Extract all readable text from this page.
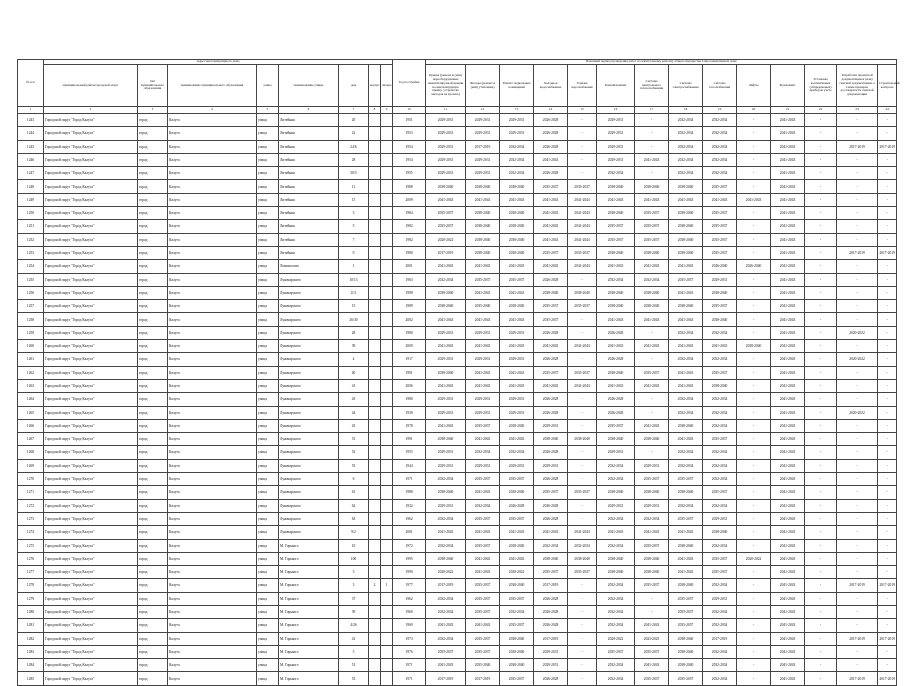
№ п/п	Адрес многоквартирного дома								Год постройки	Плановый период проведения работ по капитальному ремонту общего имущества в многоквартирном доме													
	муниципальный район/городской округ	тип муниципального образования	наименование муниципального образования	улица	наименование улицы	дом	корпус	литера		Крыша (ремонт и (или) переоборудование невентилируемой крыши на вентилируемую крышу, устройство выходов на кровлю)	Фасады (ремонт и (или) утепление)	Ремонт подвальных помещений	Холодное водоснабжение	Горячее водоснабжение	Канализование	Система центрального теплоснабжения	Система электроснабжения	Система газоснабжения	Лифты	Фундамент	Установка коллективных (общедомовых) приборов учета	Разработка проектной документации и (или) сметной документации, а также проверка достоверности сметной документации	Строительный контроль

1	2	3	4	5	6	7	8	9	10	11	12	13	14	15	16	17	18	19	20	21	22	23	24
1243	Городской округ "Город Калуга"	город	Калуга	улица	Литейная	20			1951	2029-2031	2029-2031	2029-2031	2026-2028	-	2029-2031	-	2032-2034	2032-2034	-	2041-2043	-	-	-
1244	Городской округ "Город Калуга"	город	Калуга	улица	Литейная	22			1953	2029-2031	2029-2031	2029-2031	2026-2028	-	2029-2031	-	2032-2034	2032-2034	-	2041-2043	-	-	-
1245	Городской округ "Город Калуга"	город	Калуга	улица	Литейная	24/6			1954	2029-2031	2017-2019	2032-2034	2026-2028	-	2029-2031	-	2032-2034	2032-2034	-	2041-2043	-	2017-2019	2017-2019
1246	Городской округ "Город Калуга"	город	Калуга	улица	Литейная	28			1954	2029-2031	2029-2031	2032-2034	2041-2043	-	2029-2031	2041-2043	2032-2034	2032-2034	-	2041-2043	-	-	-
1247	Городской округ "Город Калуга"	город	Калуга	улица	Литейная	30/5			1955	2029-2031	2029-2031	2032-2034	2026-2028	-	2032-2034	-	2032-2034	2032-2034	-	2041-2043	-	-	-
1248	Городской округ "Город Калуга"	город	Калуга	улица	Литейная	11			1988	2038-2040	2038-2040	2038-2040	2035-2037	2035-2037	2038-2040	2038-2040	2038-2040	2035-2037	-	2041-2043	-	-	-
1249	Городской округ "Город Калуга"	город	Калуга	улица	Литейная	15			2009	2041-2043	2041-2043	2041-2043	2041-2043	2041-2043	2041-2043	2041-2043	2041-2043	2041-2043	2041-2043	2041-2043	-	-	-
1250	Городской округ "Город Калуга"	город	Калуга	улица	Литейная	3			1984	2035-2037	2038-2040	2038-2040	2041-2043	2041-2043	2038-2040	2035-2037	2038-2040	2035-2037	-	2041-2043	-	-	-
1251	Городской округ "Город Калуга"	город	Калуга	улица	Литейная	5			1982	2035-2037	2038-2040	2038-2040	2041-2043	2041-2043	2035-2037	2035-2037	2038-2040	2035-2037	-	2041-2043	-	-	-
1252	Городской округ "Город Калуга"	город	Калуга	улица	Литейная	7			1982	2020-2022	2038-2040	2038-2040	2041-2043	2041-2043	2035-2037	2035-2037	2038-2040	2035-2037	-	2041-2043	-	-	-
1253	Городской округ "Город Калуга"	город	Калуга	улица	Литейная	9			1980	2017-2019	2038-2040	2038-2040	2035-2037	2035-2037	2038-2040	2038-2040	2038-2040	2035-2037	-	2041-2043	-	2017-2019	2017-2019
1254	Городской округ "Город Калуга"	город	Калуга	улица	Ломоносова	1			2001	2041-2043	2041-2043	2041-2043	2041-2043	2041-2043	2041-2043	2041-2043	2041-2043	2026-2040	2026-2040	2041-2043	-	-	-
1255	Городской округ "Город Калуга"	город	Калуга	улица	Луначарского	10/13			1963	2032-2034	2035-2037	2035-2037	2026-2028	-	2032-2034	2032-2034	2035-2037	2029-2031	-	2041-2043	-	-	-
1256	Городской округ "Город Калуга"	город	Калуга	улица	Луначарского	11/1			1998	2038-2040	2041-2043	2041-2043	2038-2040	2038-2040	2038-2040	2038-2040	2041-2043	2038-2040	-	2041-2043	-	-	-
1257	Городской округ "Город Калуга"	город	Калуга	улица	Луначарского	15			1989	2038-2040	2035-2040	2038-2040	2035-2037	2035-2037	2038-2040	2038-2040	2038-2040	2035-2037	-	2041-2043	-	-	-
1258	Городской округ "Город Калуга"	город	Калуга	улица	Луначарского	26/30			2002	2041-2043	2041-2043	2041-2043	2035-2037	-	2041-2043	2041-2043	2041-2043	2038-2040	-	2041-2043	-	-	-
1259	Городской округ "Город Калуга"	город	Калуга	улица	Луначарского	28			1980	2029-2031	2029-2031	2029-2031	2026-2028	-	2026-2028	-	2032-2034	2032-2034	-	2041-2043	-	2020-2022	-
1260	Городской округ "Город Калуга"	город	Калуга	улица	Луначарского	39			2000	2041-2043	2041-2043	2041-2043	2041-2043	2041-2043	2041-2043	2041-2043	2041-2043	2041-2043	2038-2040	2041-2043	-	-	-
1261	Городской округ "Город Калуга"	город	Калуга	улица	Луначарского	4			1917	2029-2031	2029-2031	2029-2031	2026-2028	-	2026-2028	-	2032-2034	2032-2034	-	2041-2043	-	2020-2022	-
1262	Городской округ "Город Калуга"	город	Калуга	улица	Луначарского	40			1991	2038-2040	2041-2043	2041-2043	2035-2037	2035-2037	2038-2040	2035-2037	2041-2043	2035-2037	-	2041-2043	-	-	-
1263	Городской округ "Город Калуга"	город	Калуга	улица	Луначарского	41			2006	2041-2043	2041-2043	2041-2043	2041-2043	2041-2043	2041-2043	2041-2043	2041-2043	2038-2040	-	2041-2043	-	-	-
1264	Городской округ "Город Калуга"	город	Калуга	улица	Луначарского	43			1980	2029-2031	2029-2031	2029-2031	2026-2028	-	2026-2028	-	2032-2034	2032-2034	-	2041-2043	-	-	-
1265	Городской округ "Город Калуга"	город	Калуга	улица	Луначарского	44			1930	2029-2031	2029-2031	2029-2031	2026-2028	-	2026-2028	-	2032-2034	2032-2034	-	2041-2043	-	2020-2022	-
1266	Городской округ "Город Калуга"	город	Калуга	улица	Луначарского	45			1978	2041-2043	2035-2037	2038-2040	2029-2031	-	2035-2037	2041-2043	2038-2040	2032-2034	-	2041-2043	-	-	-
1267	Городской округ "Город Калуга"	город	Калуга	улица	Луначарского	51			1991	2038-2040	2041-2043	2041-2043	2038-2040	2038-2040	2038-2040	2038-2040	2041-2043	2035-2037	-	2041-2043	-	-	-
1268	Городской округ "Город Калуга"	город	Калуга	улица	Луначарского	52			1955	2029-2031	2032-2034	2032-2034	2026-2028	-	2029-2031	-	2032-2034	2032-2034	-	2041-2043	-	-	-
1269	Городской округ "Город Калуга"	город	Калуга	улица	Луначарского	53			1944	2029-2031	2029-2031	2029-2031	2029-2031	-	2032-2034	2029-2031	2032-2034	2032-2034	-	2041-2043	-	-	-
1270	Городской округ "Город Калуга"	город	Калуга	улица	Луначарского	6			1971	2032-2034	2035-2037	2035-2037	2026-2028	-	2032-2034	2035-2037	2035-2037	2032-2034	-	2041-2043	-	-	-
1271	Городской округ "Город Калуга"	город	Калуга	улица	Луначарского	61			1988	2038-2040	2041-2043	2038-2040	2035-2037	2035-2037	2038-2040	2038-2040	2038-2040	2035-2037	-	2041-2043	-	-	-
1272	Городской округ "Город Калуга"	город	Калуга	улица	Луначарского	62			1932	2029-2031	2032-2034	2026-2028	2026-2028	-	2029-2031	2029-2031	2032-2034	2032-2034	-	2041-2043	-	-	-
1273	Городской округ "Город Калуга"	город	Калуга	улица	Луначарского	63			1962	2032-2034	2035-2037	2035-2037	2026-2028	-	2032-2034	2032-2034	2035-2037	2029-2031	-	2041-2043	-	-	-
1274	Городской округ "Город Калуга"	город	Калуга	улица	Луначарского	9/2			2001	2041-2043	2041-2043	2041-2043	2041-2043	2041-2043	2041-2043	2041-2043	2041-2043	2038-2040	-	2041-2043	-	-	-
1275	Городской округ "Город Калуга"	город	Калуга	улица	М. Горького	10			1972	2032-2034	2035-2037	2038-2040	2032-2034	2032-2034	2032-2034	2035-2037	2038-2040	2032-2034	-	2041-2043	-	-	-
1276	Городской округ "Город Калуга"	город	Калуга	улица	М. Горького	100			1995	2038-2040	2041-2043	2041-2043	2038-2040	2038-2040	2038-2040	2038-2040	2041-2043	2035-2037	2020-2022	2041-2043	-	-	-
1277	Городской округ "Город Калуга"	город	Калуга	улица	М. Горького	3			1990	2020-2022	2041-2043	2038-2022	2035-2037	2035-2037	2038-2040	2038-2040	2041-2043	2035-2037	-	2041-2043	-	-	-
1278	Городской округ "Город Калуга"	город	Калуга	улица	М. Горького	3	2	1	1977	2017-2019	2035-2037	2038-2040	2017-2019	-	2032-2034	2035-2037	2038-2040	2032-2034	-	2041-2043	-	2017-2019	2017-2019
1279	Городской округ "Город Калуга"	город	Калуга	улица	М. Горького	37			1962	2032-2034	2035-2037	2035-2037	2026-2028	-	2032-2034	-	2035-2037	2029-2031	-	2041-2043	-	-	-
1280	Городской округ "Город Калуга"	город	Калуга	улица	М. Горького	39			1960	2032-2034	2035-2037	2032-2034	2026-2028	-	2032-2034	-	2035-2037	2032-2034	-	2041-2043	-	-	-
1281	Городской округ "Город Калуга"	город	Калуга	улица	М. Горького	4/26			1969	2041-2043	2041-2043	2035-2037	2026-2028	-	2032-2034	2041-2043	2035-2037	2032-2034	-	2041-2043	-	-	-
1282	Городской округ "Город Калуга"	город	Калуга	улица	М. Горького	41			1973	2032-2034	2035-2037	2038-2040	2017-2019	-	2020-2022	2023-2025	2038-2040	2017-2019	-	2041-2043	-	2017-2019	2017-2019
1283	Городской округ "Город Калуга"	город	Калуга	улица	М. Горького	5			1976	2035-2037	2035-2037	2038-2040	2029-2031	-	2035-2037	2035-2037	2038-2040	2032-2034	-	2041-2043	-	-	-
1284	Городской округ "Город Калуга"	город	Калуга	улица	М. Горького	51			1971	2041-2043	2035-2040	2038-2040	2029-2031	-	2032-2034	2041-2043	2038-2040	2032-2034	-	2041-2043	-	-	-
1285	Городской округ "Город Калуга"	город	Калуга	улица	М. Горького	53			1971	2017-2019	2017-2019	2035-2037	2026-2028	-	2032-2034	2035-2037	2035-2037	2032-2034	-	2041-2043	-	2017-2019	2017-2019
